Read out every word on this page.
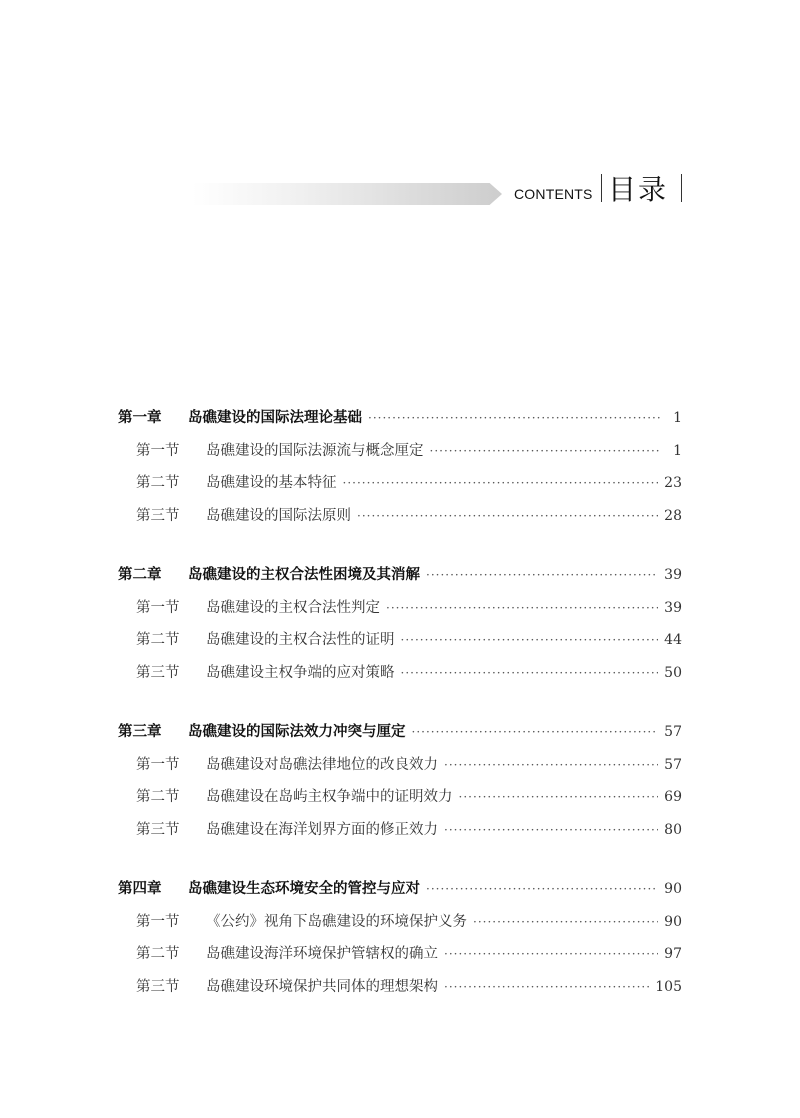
CONTENTS 目录
第一章	岛礁建设的国际法理论基础 ·····	1
第一节	岛礁建设的国际法源流与概念厘定 ·····	1
第二节	岛礁建设的基本特征 ·····	23
第三节	岛礁建设的国际法原则 ·····	28
第二章	岛礁建设的主权合法性困境及其消解 ·····	39
第一节	岛礁建设的主权合法性判定 ·····	39
第二节	岛礁建设的主权合法性的证明 ·····	44
第三节	岛礁建设主权争端的应对策略 ·····	50
第三章	岛礁建设的国际法效力冲突与厘定 ·····	57
第一节	岛礁建设对岛礁法律地位的改良效力 ·····	57
第二节	岛礁建设在岛屿主权争端中的证明效力 ·····	69
第三节	岛礁建设在海洋划界方面的修正效力 ·····	80
第四章	岛礁建设生态环境安全的管控与应对 ·····	90
第一节	《公约》视角下岛礁建设的环境保护义务 ·····	90
第二节	岛礁建设海洋环境保护管辖权的确立 ·····	97
第三节	岛礁建设环境保护共同体的理想架构 ·····	105
